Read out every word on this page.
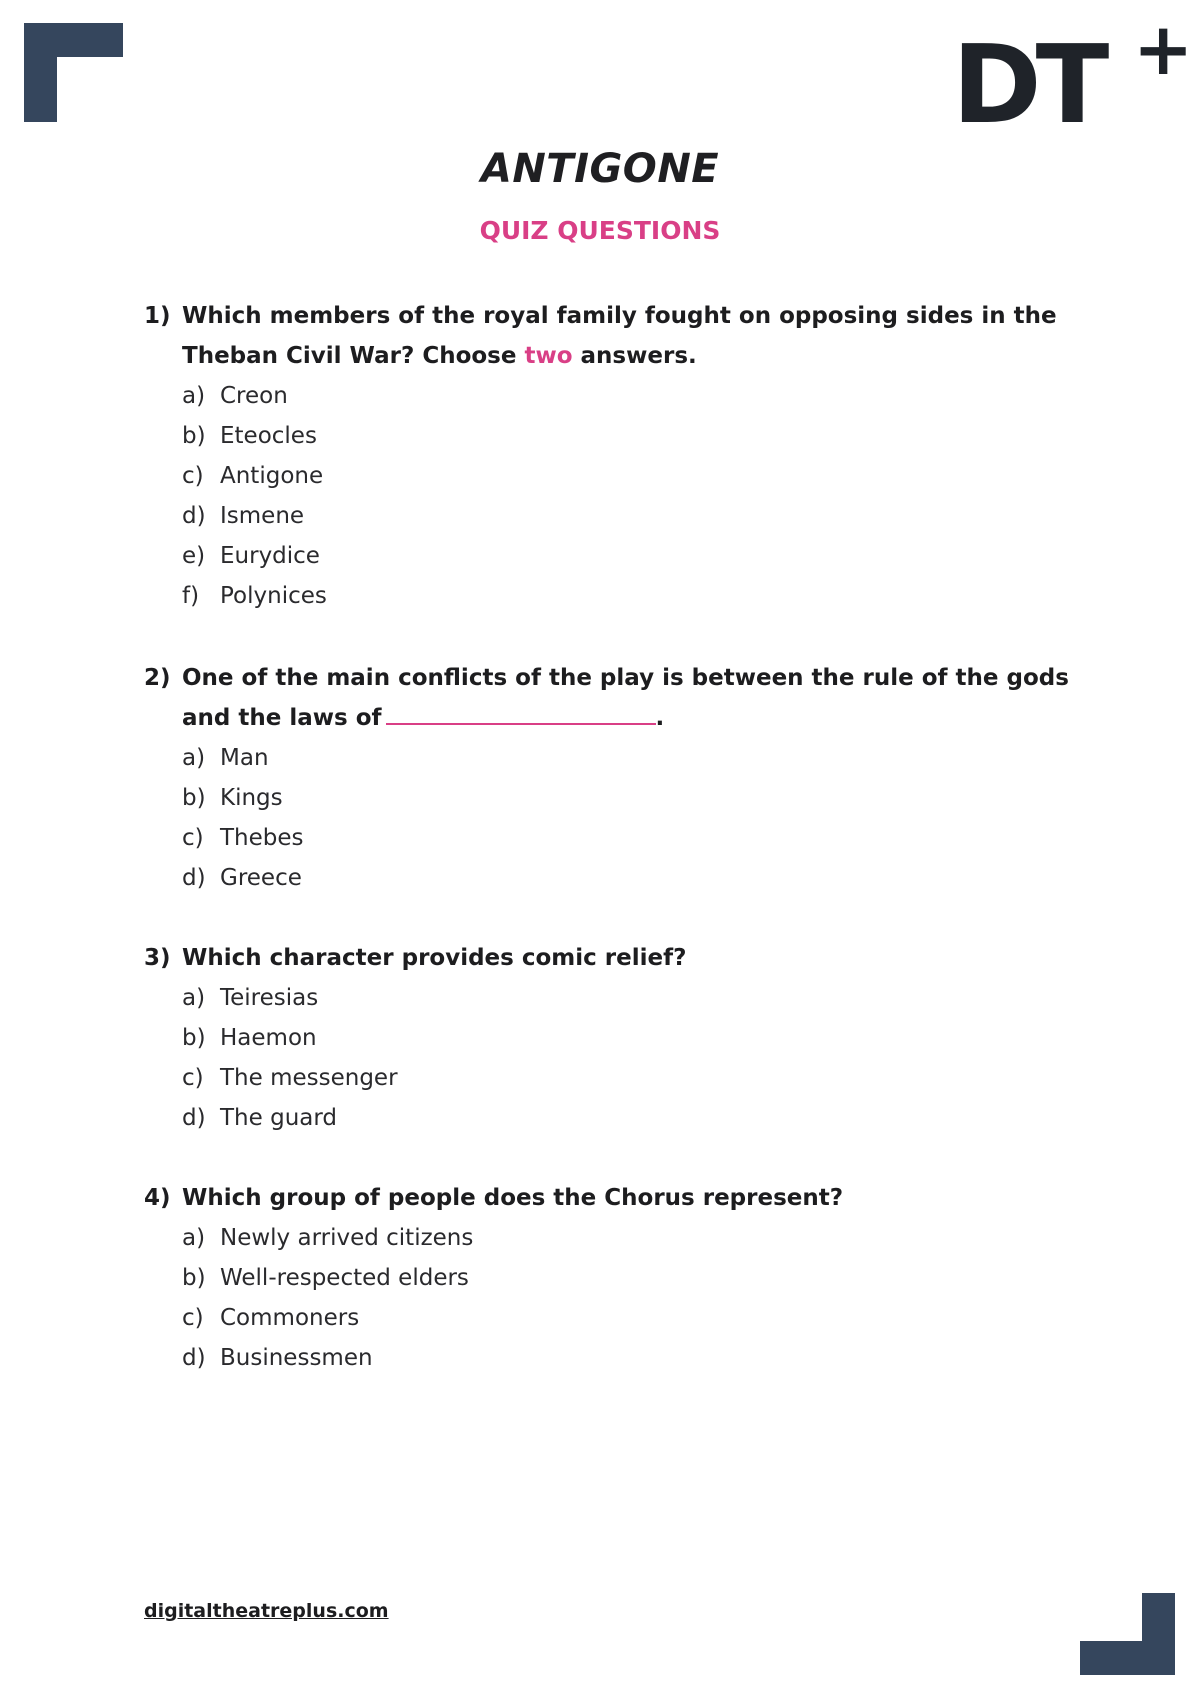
DT +
ANTIGONE
QUIZ QUESTIONS
1) Which members of the royal family fought on opposing sides in the Theban Civil War? Choose two answers.
a) Creon
b) Eteocles
c) Antigone
d) Ismene
e) Eurydice
f) Polynices
2) One of the main conflicts of the play is between the rule of the gods and the laws of	.
a) Man
b) Kings
c) Thebes
d) Greece
3) Which character provides comic relief?
a) Teiresias
b) Haemon
c) The messenger
d) The guard
4) Which group of people does the Chorus represent?
a) Newly arrived citizens
b) Well-respected elders
c) Commoners
d) Businessmen
digitaltheatreplus.com
